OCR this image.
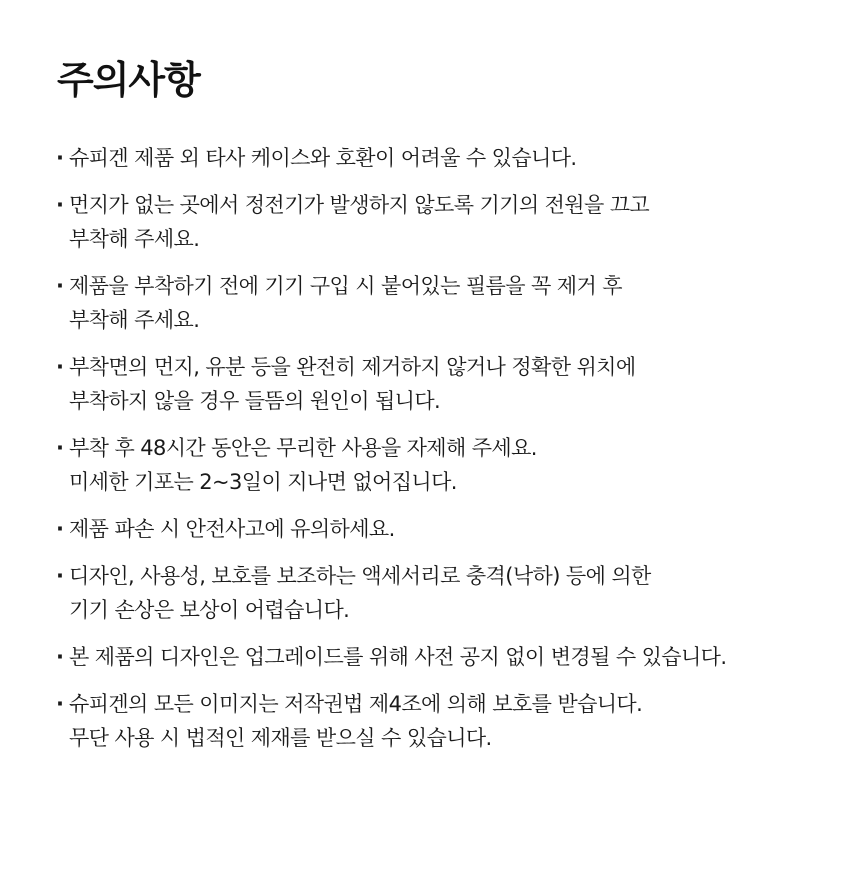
주의사항
· 슈피겐 제품 외 타사 케이스와 호환이 어려울 수 있습니다.
· 먼지가 없는 곳에서 정전기가 발생하지 않도록 기기의 전원을 끄고
부착해 주세요.
· 제품을 부착하기 전에 기기 구입 시 붙어있는 필름을 꼭 제거 후
부착해 주세요.
· 부착면의 먼지, 유분 등을 완전히 제거하지 않거나 정확한 위치에
부착하지 않을 경우 들뜸의 원인이 됩니다.
· 부착 후 48시간 동안은 무리한 사용을 자제해 주세요.
미세한 기포는 2~3일이 지나면 없어집니다.
· 제품 파손 시 안전사고에 유의하세요.
· 디자인, 사용성, 보호를 보조하는 액세서리로 충격(낙하) 등에 의한
기기 손상은 보상이 어렵습니다.
· 본 제품의 디자인은 업그레이드를 위해 사전 공지 없이 변경될 수 있습니다.
· 슈피겐의 모든 이미지는 저작권법 제4조에 의해 보호를 받습니다.
무단 사용 시 법적인 제재를 받으실 수 있습니다.
